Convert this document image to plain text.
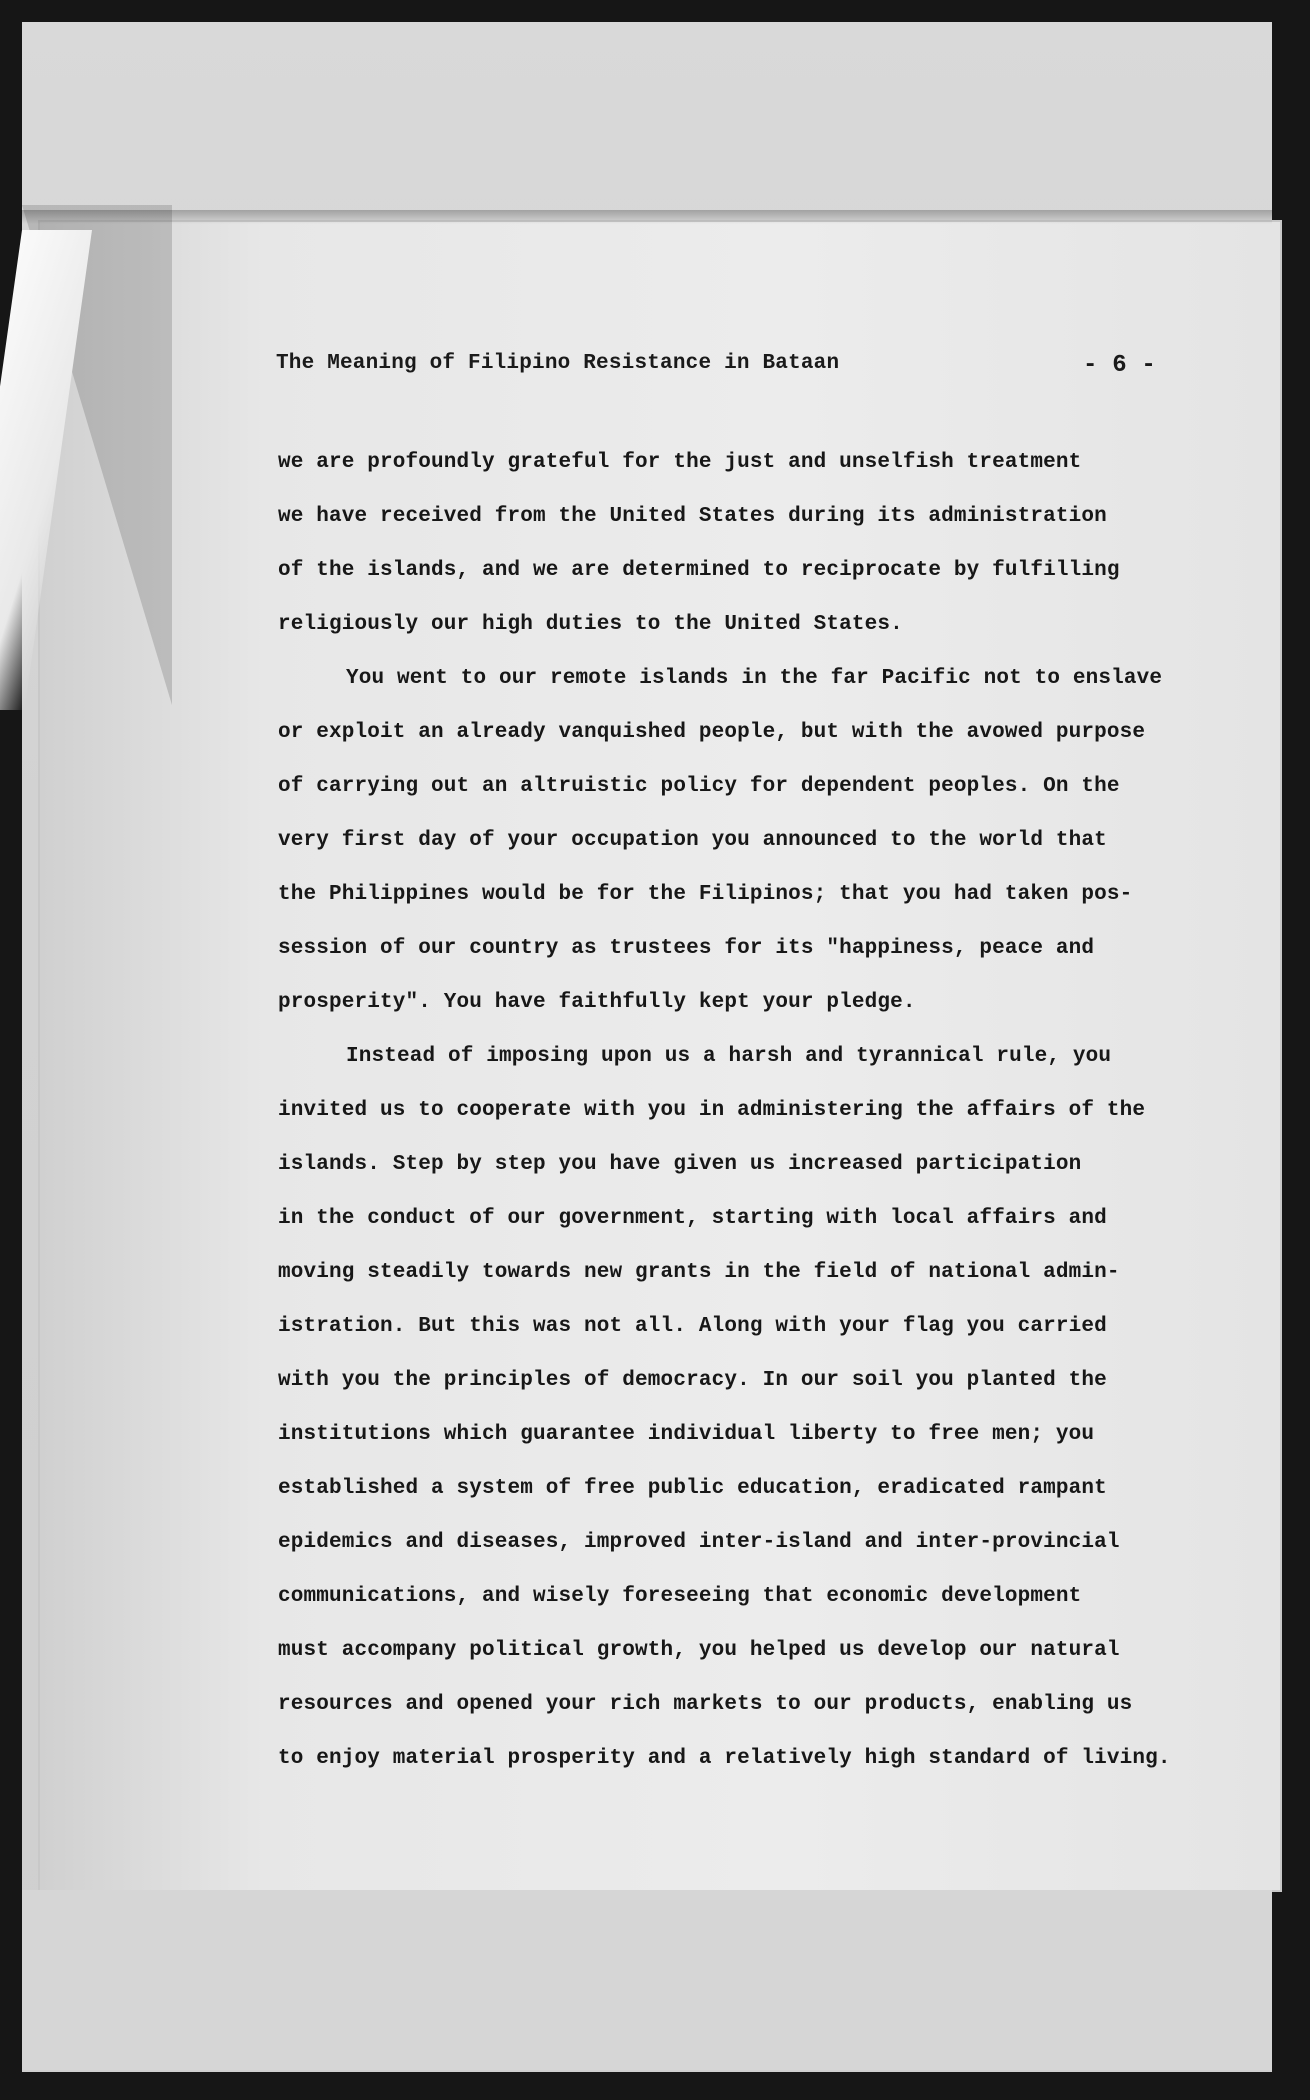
The Meaning of Filipino Resistance in Bataan	- 6 -
we are profoundly grateful for the just and unselfish treatment
we have received from the United States during its administration
of the islands, and we are determined to reciprocate by fulfilling
religiously our high duties to the United States.
You went to our remote islands in the far Pacific not to enslave
or exploit an already vanquished people, but with the avowed purpose
of carrying out an altruistic policy for dependent peoples. On the
very first day of your occupation you announced to the world that
the Philippines would be for the Filipinos; that you had taken pos-
session of our country as trustees for its "happiness, peace and
prosperity". You have faithfully kept your pledge.
Instead of imposing upon us a harsh and tyrannical rule, you
invited us to cooperate with you in administering the affairs of the
islands. Step by step you have given us increased participation
in the conduct of our government, starting with local affairs and
moving steadily towards new grants in the field of national admin-
istration. But this was not all. Along with your flag you carried
with you the principles of democracy. In our soil you planted the
institutions which guarantee individual liberty to free men; you
established a system of free public education, eradicated rampant
epidemics and diseases, improved inter-island and inter-provincial
communications, and wisely foreseeing that economic development
must accompany political growth, you helped us develop our natural
resources and opened your rich markets to our products, enabling us
to enjoy material prosperity and a relatively high standard of living.
